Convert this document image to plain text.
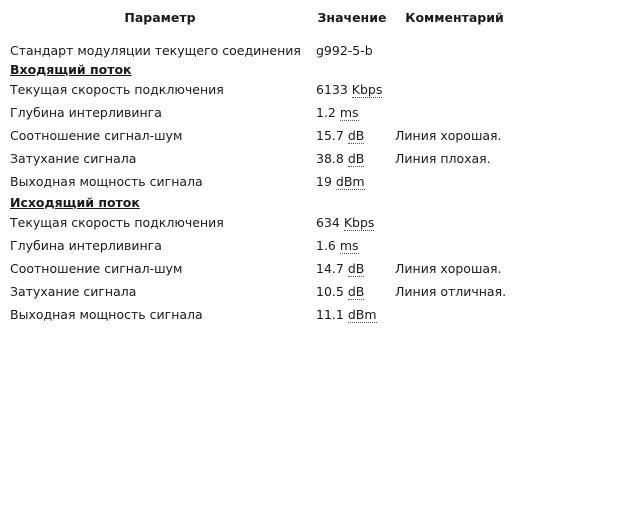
Параметр	Значение	Комментарий
Стандарт модуляции текущего соединения	g992-5-b	
Входящий поток		
Текущая скорость подключения	6133 Kbps	
Глубина интерливинга	1.2 ms	
Соотношение сигнал-шум	15.7 dB	Линия хорошая.
Затухание сигнала	38.8 dB	Линия плохая.
Выходная мощность сигнала	19 dBm	
Исходящий поток		
Текущая скорость подключения	634 Kbps	
Глубина интерливинга	1.6 ms	
Соотношение сигнал-шум	14.7 dB	Линия хорошая.
Затухание сигнала	10.5 dB	Линия отличная.
Выходная мощность сигнала	11.1 dBm	
